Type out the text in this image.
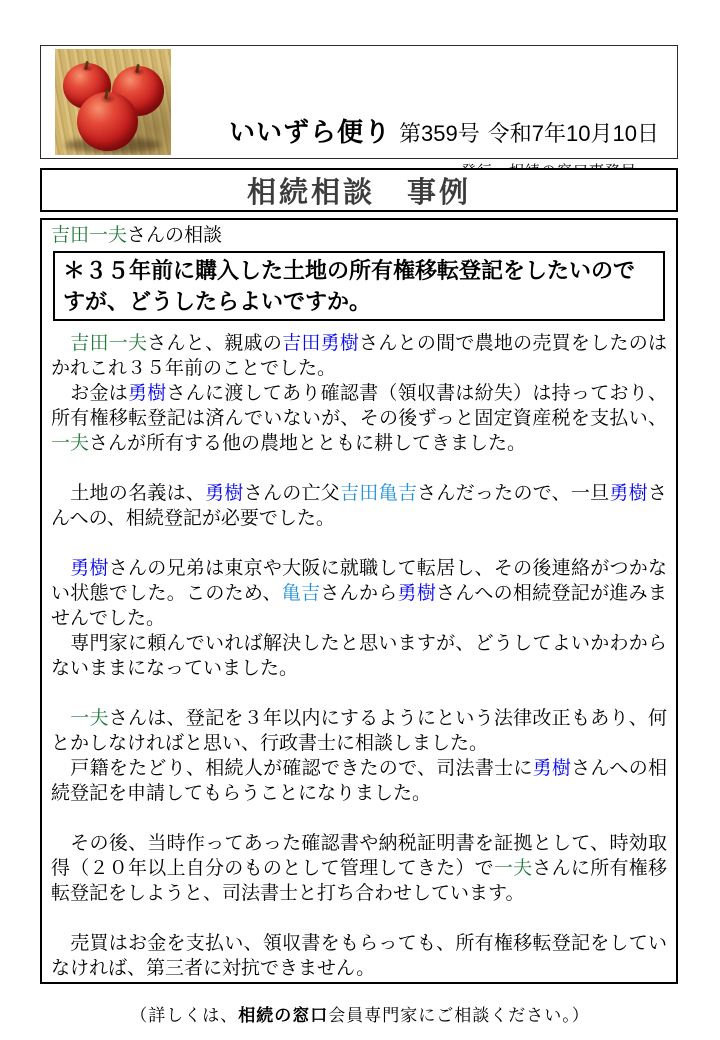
いいずら便り 第359号 令和7年10月10日
相続相談　事例
吉田一夫さんの相談
＊３５年前に購入した土地の所有権移転登記をしたいのですが、どうしたらよいですか。

　吉田一夫さんと、親戚の吉田勇樹さんとの間で農地の売買をしたのはかれこれ３５年前のことでした。

　お金は勇樹さんに渡してあり確認書（領収書は紛失）は持っており、所有権移転登記は済んでいないが、その後ずっと固定資産税を支払い、一夫さんが所有する他の農地とともに耕してきました。

　土地の名義は、勇樹さんの亡父吉田亀吉さんだったので、一旦勇樹さんへの、相続登記が必要でした。

　勇樹さんの兄弟は東京や大阪に就職して転居し、その後連絡がつかない状態でした。このため、亀吉さんから勇樹さんへの相続登記が進みませんでした。

　専門家に頼んでいれば解決したと思いますが、どうしてよいかわからないままになっていました。

　一夫さんは、登記を３年以内にするようにという法律改正もあり、何とかしなければと思い、行政書士に相談しました。

　戸籍をたどり、相続人が確認できたので、司法書士に勇樹さんへの相続登記を申請してもらうことになりました。

　その後、当時作ってあった確認書や納税証明書を証拠として、時効取得（２０年以上自分のものとして管理してきた）で一夫さんに所有権移転登記をしようと、司法書士と打ち合わせしています。

　売買はお金を支払い、領収書をもらっても、所有権移転登記をしていなければ、第三者に対抗できません。

（詳しくは、相続の窓口会員専門家にご相談ください。）
